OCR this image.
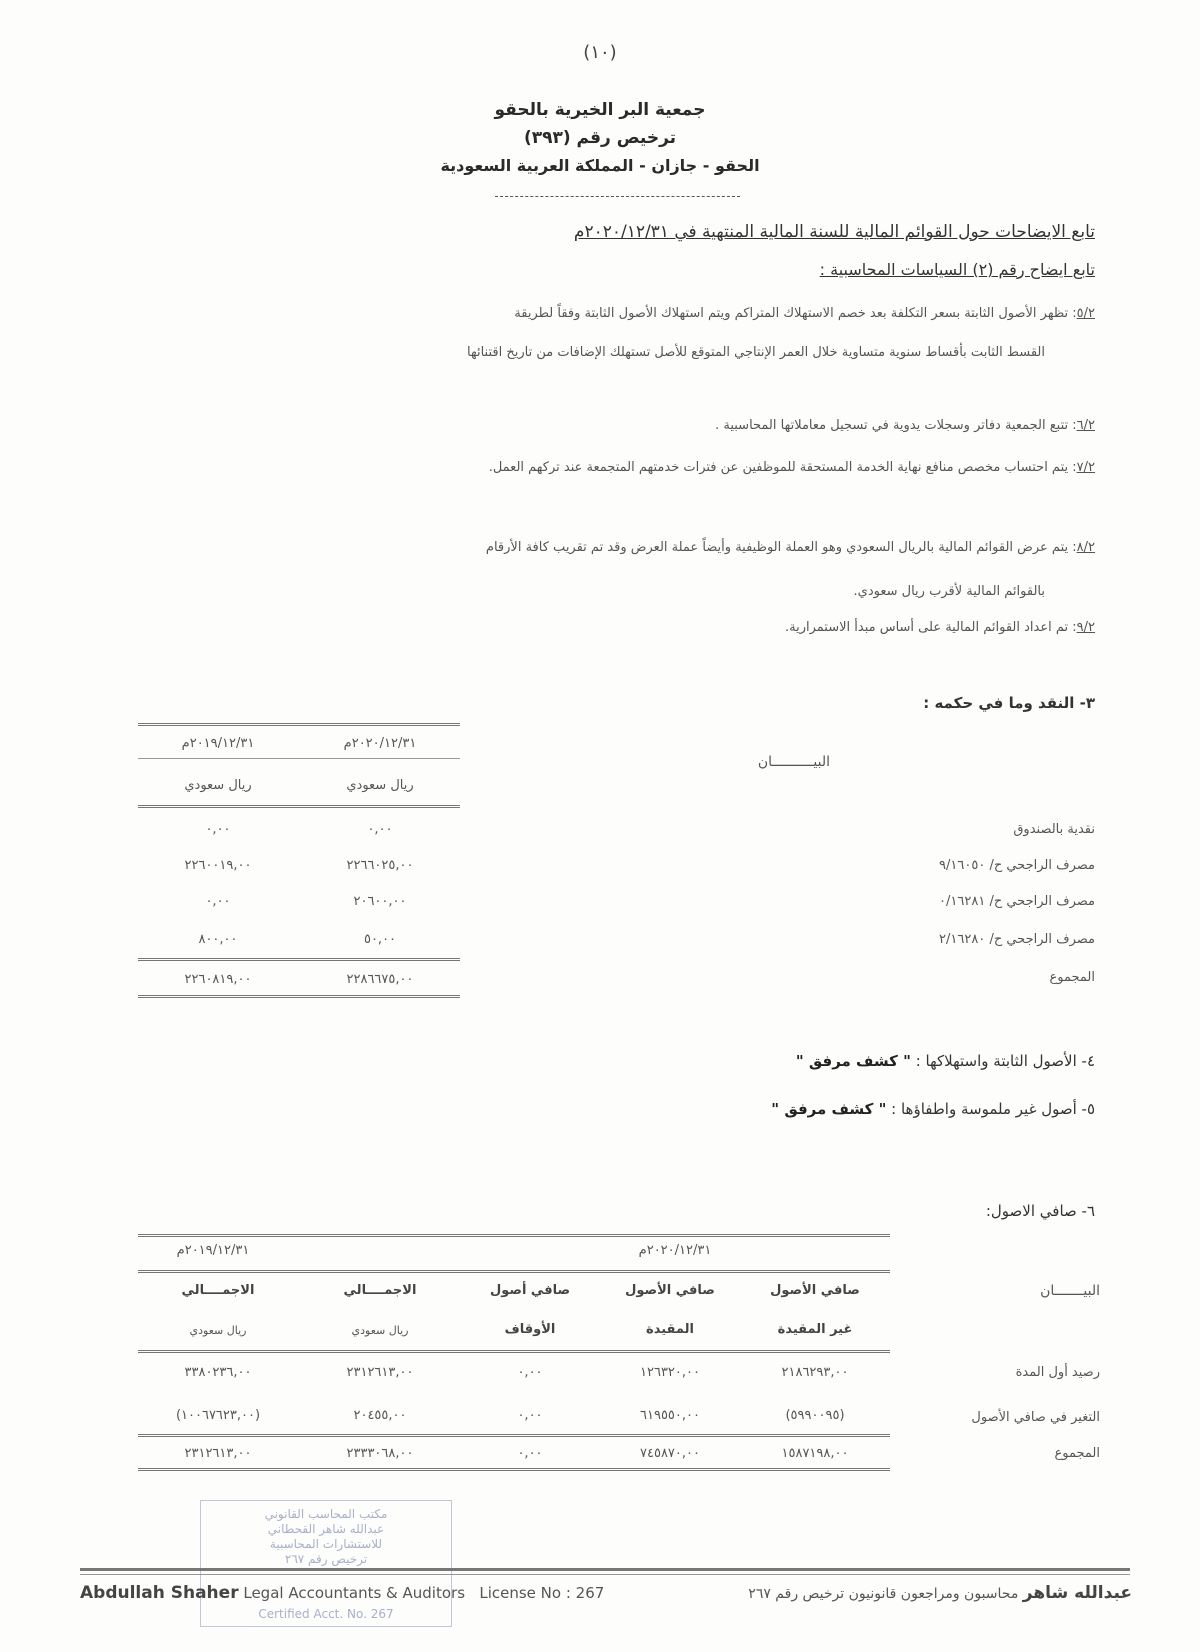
(١٠)
جمعية البر الخيرية بالحقو
ترخيص رقم (٣٩٣)
الحقو - جازان - المملكة العربية السعودية
تابع الايضاحات حول القوائم المالية للسنة المالية المنتهية في ٢٠٢٠/١٢/٣١م
تابع ايضاح رقم (٢) السياسات المحاسبية :
٥/٢: تظهر الأصول الثابتة بسعر التكلفة بعد خصم الاستهلاك المتراكم ويتم استهلاك الأصول الثابتة وفقاً لطريقة
القسط الثابت بأقساط سنوية متساوية خلال العمر الإنتاجي المتوقع للأصل تستهلك الإضافات من تاريخ اقتنائها
٦/٢: تتبع الجمعية دفاتر وسجلات يدوية في تسجيل معاملاتها المحاسبية .
٧/٢: يتم احتساب مخصص منافع نهاية الخدمة المستحقة للموظفين عن فترات خدمتهم المتجمعة عند تركهم العمل.
٨/٢: يتم عرض القوائم المالية بالريال السعودي وهو العملة الوظيفية وأيضاً عملة العرض وقد تم تقريب كافة الأرقام
بالقوائم المالية لأقرب ريال سعودي.
٩/٢: تم اعداد القوائم المالية على أساس مبدأ الاستمرارية.
٣- النقد وما في حكمه :
٢٠٢٠/١٢/٣١م
٢٠١٩/١٢/٣١م
البيــــــــــان
ريال سعودي
ريال سعودي
نقدية بالصندوق
٠,٠٠
٠,٠٠
مصرف الراجحي ح/ ٩/١٦٠٥٠
٢٢٦٦٠٢٥,٠٠
٢٢٦٠٠١٩,٠٠
مصرف الراجحي ح/ ٠/١٦٢٨١
٢٠٦٠٠,٠٠
٠,٠٠
مصرف الراجحي ح/ ٢/١٦٢٨٠
٥٠,٠٠
٨٠٠,٠٠
المجموع
٢٢٨٦٦٧٥,٠٠
٢٢٦٠٨١٩,٠٠
٤- الأصول الثابتة واستهلاكها : " كشف مرفق "
٥- أصول غير ملموسة واطفاؤها : " كشف مرفق "
٦- صافي الاصول:
٢٠٢٠/١٢/٣١م
٢٠١٩/١٢/٣١م
البيـــــــان
صافي الأصول
غير المقيدة
صافي الأصول
المقيدة
صافي أصول
الأوقاف
الاجمــــالي
ريال سعودي
الاجمــــالي
ريال سعودي
رصيد أول المدة
٢١٨٦٢٩٣,٠٠
١٢٦٣٢٠,٠٠
٠,٠٠
٢٣١٢٦١٣,٠٠
٣٣٨٠٢٣٦,٠٠
التغير في صافي الأصول
(٥٩٩٠٠٩٥)
٦١٩٥٥٠,٠٠
٠,٠٠
٢٠٤٥٥,٠٠
(١٠٠٦٧٦٢٣,٠٠)
المجموع
١٥٨٧١٩٨,٠٠
٧٤٥٨٧٠,٠٠
٠,٠٠
٢٣٣٣٠٦٨,٠٠
٢٣١٢٦١٣,٠٠
مكتب المحاسب القانوني
عبدالله شاهر القحطاني
للاستشارات المحاسبية
ترخيص رقم ٢٦٧
Certified Acct. No. 267
Abdullah Shaher Legal Accountants & Auditors License No : 267	عبدالله شاهر محاسبون ومراجعون قانونيون ترخيص رقم ٢٦٧
